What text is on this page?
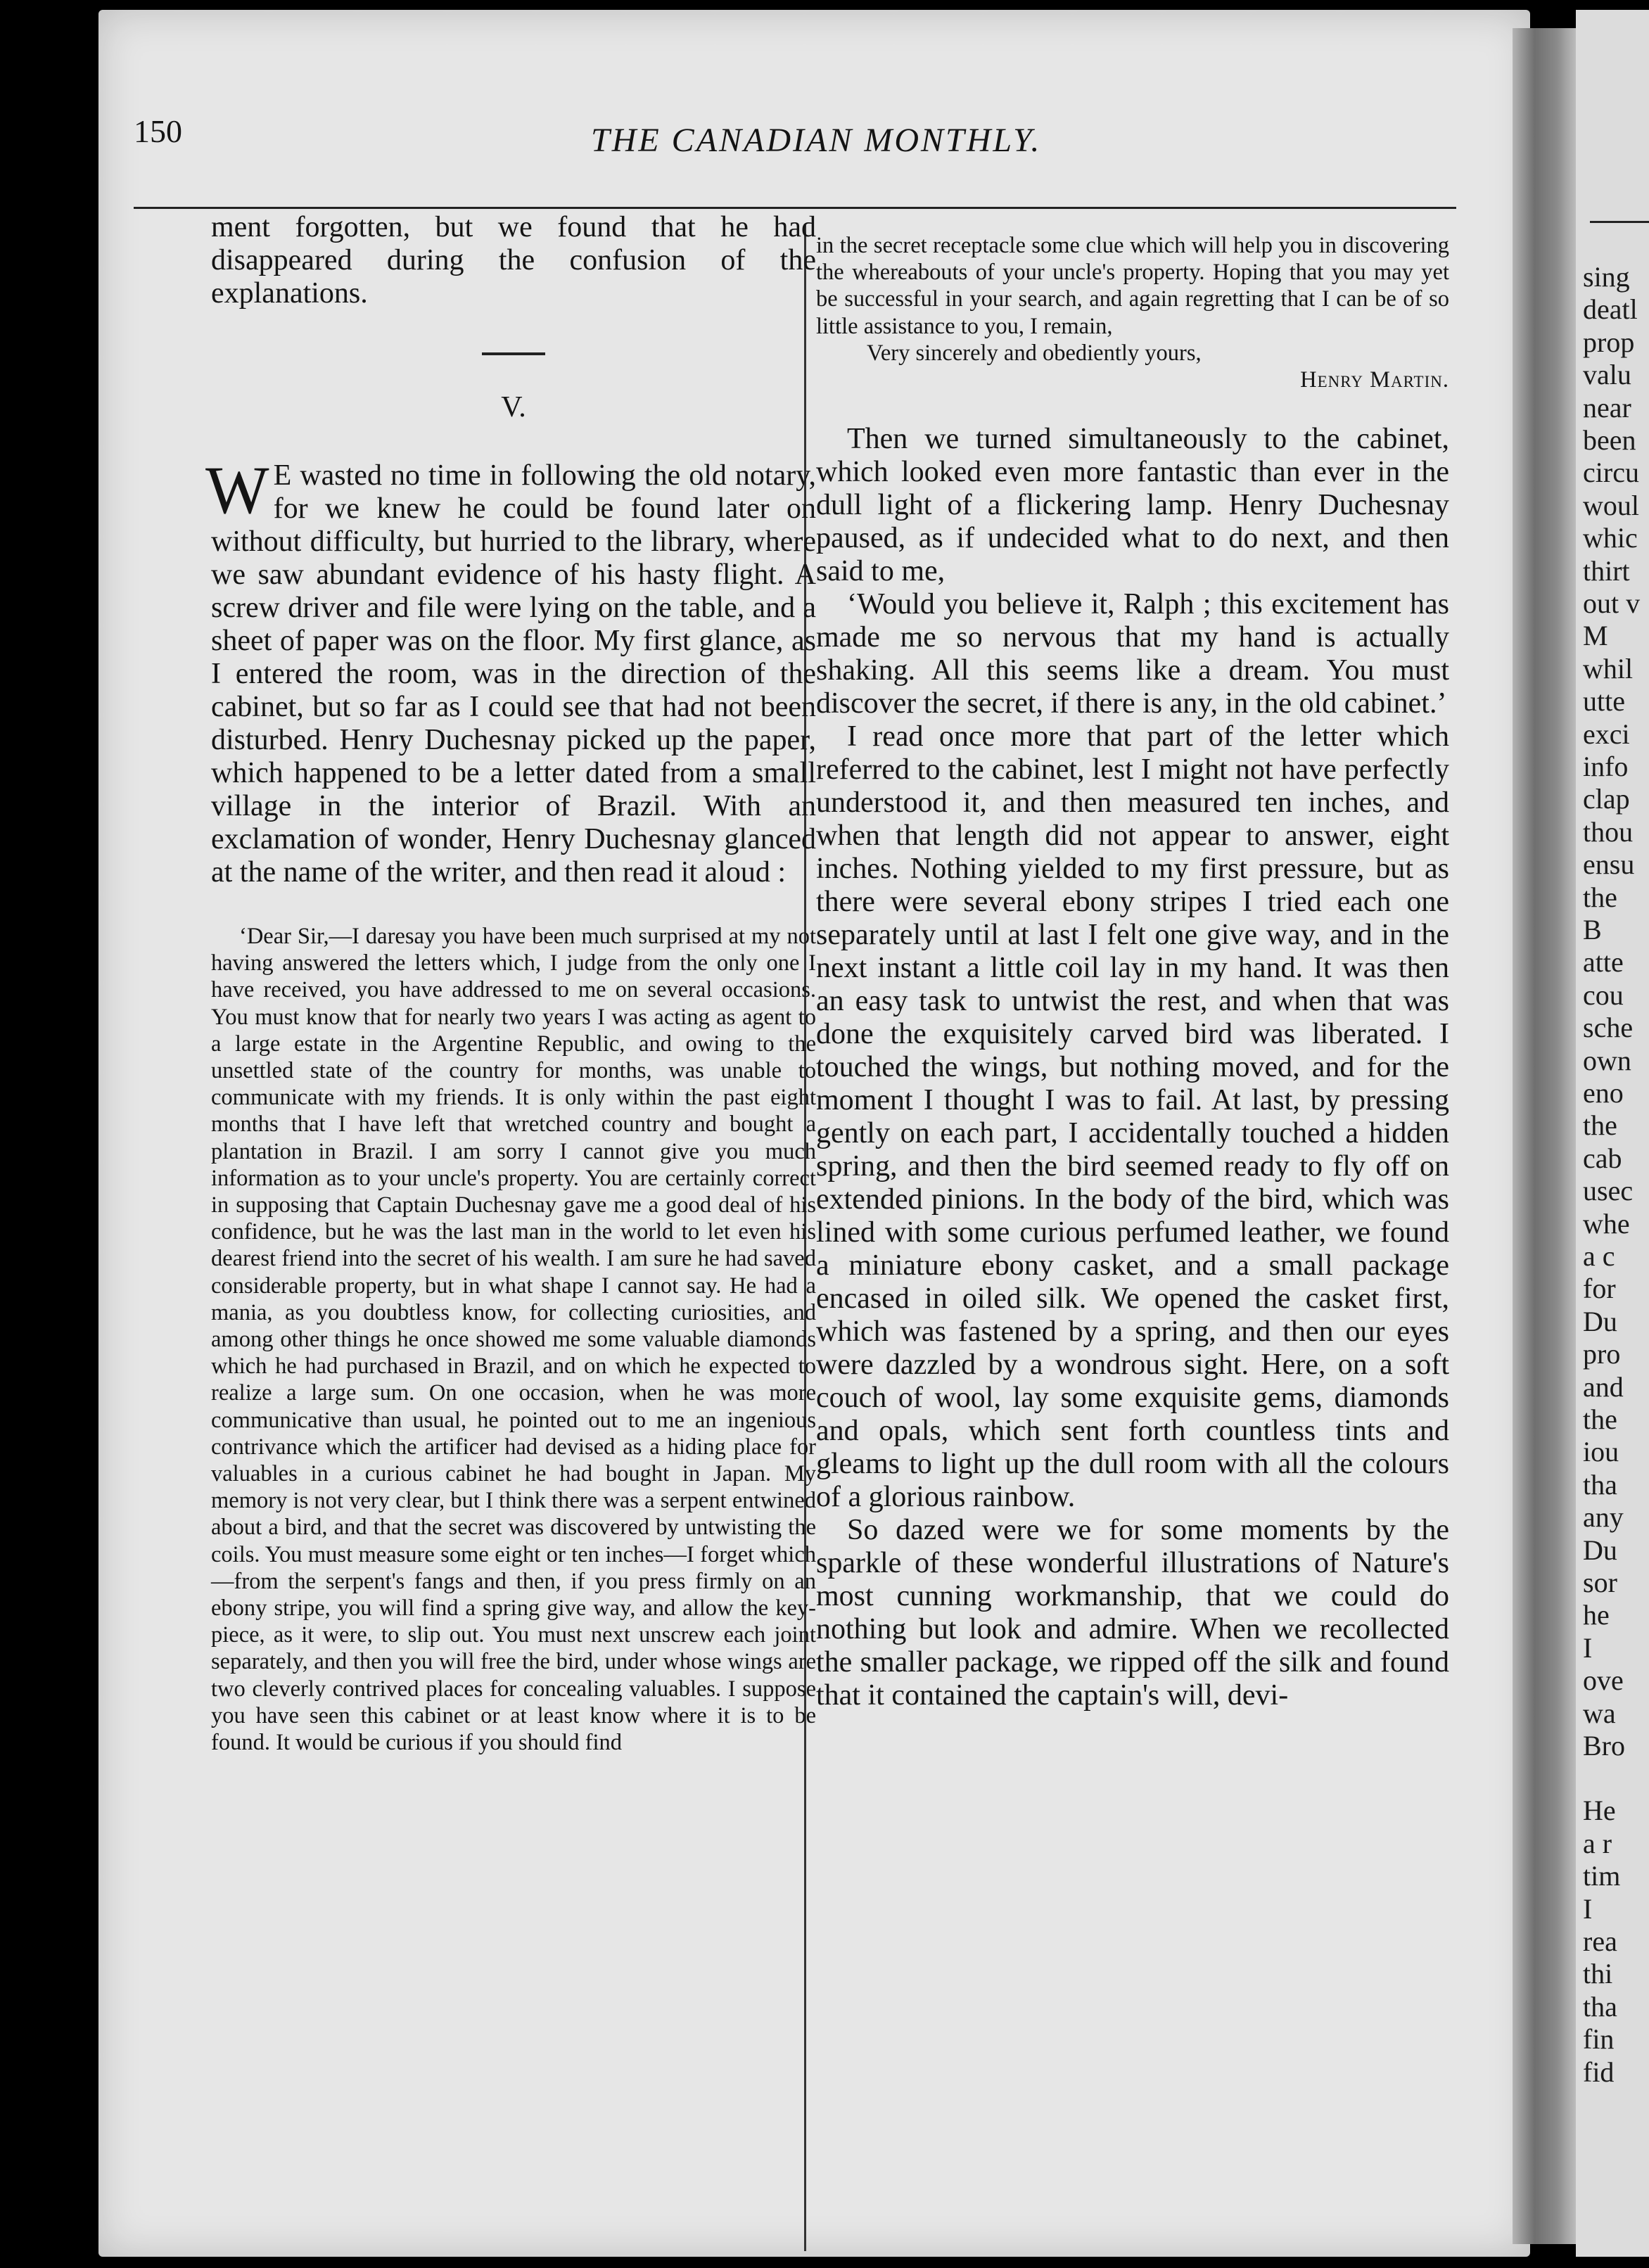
sing
deatl
prop
valu
near
been
circu
woul
whic
thirt
out v
M
whil
utte
exci
info
clap
thou
ensu
the
B
atte
cou
sche
own
eno
the
cab
usec
whe
a c
for
Du
pro
and
the
iou
tha
any
Du
sor
he
I
ove
wa
Bro
He
a r
tim
I
rea
thi
tha
fin
fid
150	THE CANADIAN MONTHLY.

ment forgotten, but we found that he had disappeared during the confusion of the explanations.

V.

W E wasted no time in following the old notary, for we knew he could be found later on without difficulty, but hurried to the library, where we saw abundant evidence of his hasty flight. A screw driver and file were lying on the table, and a sheet of paper was on the floor. My first glance, as I entered the room, was in the direction of the cabinet, but so far as I could see that had not been disturbed. Henry Duchesnay picked up the paper, which happened to be a letter dated from a small village in the interior of Brazil. With an exclamation of wonder, Henry Duchesnay glanced at the name of the writer, and then read it aloud :

‘Dear Sir,—I daresay you have been much surprised at my not having answered the letters which, I judge from the only one I have received, you have addressed to me on several occasions. You must know that for nearly two years I was acting as agent to a large estate in the Argentine Republic, and owing to the unsettled state of the country for months, was unable to communicate with my friends. It is only within the past eight months that I have left that wretched country and bought a plantation in Brazil. I am sorry I cannot give you much information as to your uncle's property. You are certainly correct in supposing that Captain Duchesnay gave me a good deal of his confidence, but he was the last man in the world to let even his dearest friend into the secret of his wealth. I am sure he had saved considerable property, but in what shape I cannot say. He had a mania, as you doubtless know, for collecting curiosities, and among other things he once showed me some valuable diamonds which he had purchased in Brazil, and on which he expected to realize a large sum. On one occasion, when he was more communicative than usual, he pointed out to me an ingenious contrivance which the artificer had devised as a hiding place for valuables in a curious cabinet he had bought in Japan. My memory is not very clear, but I think there was a serpent entwined about a bird, and that the secret was discovered by untwisting the coils. You must measure some eight or ten inches—I forget which—from the serpent's fangs and then, if you press firmly on an ebony stripe, you will find a spring give way, and allow the key-piece, as it were, to slip out. You must next unscrew each joint separately, and then you will free the bird, under whose wings are two cleverly contrived places for concealing valuables. I suppose you have seen this cabinet or at least know where it is to be found. It would be curious if you should find

in the secret receptacle some clue which will help you in discovering the whereabouts of your uncle's property. Hoping that you may yet be successful in your search, and again regretting that I can be of so little assistance to you, I remain,

Very sincerely and obediently yours,

Henry Martin.

Then we turned simultaneously to the cabinet, which looked even more fantastic than ever in the dull light of a flickering lamp. Henry Duchesnay paused, as if undecided what to do next, and then said to me,

‘Would you believe it, Ralph ; this excitement has made me so nervous that my hand is actually shaking. All this seems like a dream. You must discover the secret, if there is any, in the old cabinet.’

I read once more that part of the letter which referred to the cabinet, lest I might not have perfectly understood it, and then measured ten inches, and when that length did not appear to answer, eight inches. Nothing yielded to my first pressure, but as there were several ebony stripes I tried each one separately until at last I felt one give way, and in the next instant a little coil lay in my hand. It was then an easy task to untwist the rest, and when that was done the exquisitely carved bird was liberated. I touched the wings, but nothing moved, and for the moment I thought I was to fail. At last, by pressing gently on each part, I accidentally touched a hidden spring, and then the bird seemed ready to fly off on extended pinions. In the body of the bird, which was lined with some curious perfumed leather, we found a miniature ebony casket, and a small package encased in oiled silk. We opened the casket first, which was fastened by a spring, and then our eyes were dazzled by a wondrous sight. Here, on a soft couch of wool, lay some exquisite gems, diamonds and opals, which sent forth countless tints and gleams to light up the dull room with all the colours of a glorious rainbow.

So dazed were we for some moments by the sparkle of these wonderful illustrations of Nature's most cunning workmanship, that we could do nothing but look and admire. When we recollected the smaller package, we ripped off the silk and found that it contained the captain's will, devi-
